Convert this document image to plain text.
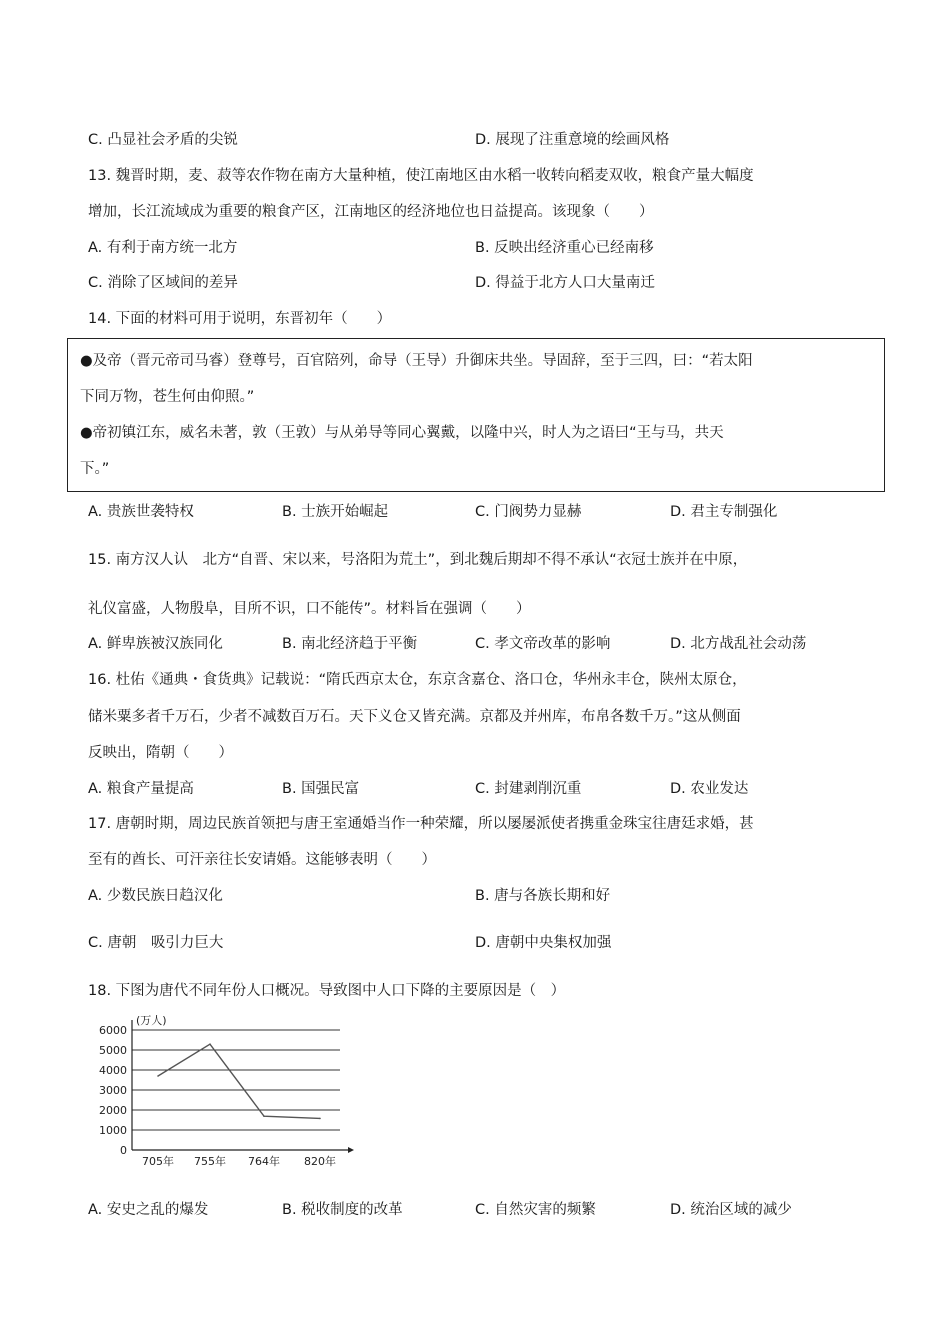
C. 凸显社会矛盾的尖锐	D. 展现了注重意境的绘画风格
13. 魏晋时期，麦、菽等农作物在南方大量种植，使江南地区由水稻一收转向稻麦双收，粮食产量大幅度
增加，长江流域成为重要的粮食产区，江南地区的经济地位也日益提高。该现象（　　）
A. 有利于南方统一北方	B. 反映出经济重心已经南移
C. 消除了区域间的差异	D. 得益于北方人口大量南迁
14. 下面的材料可用于说明，东晋初年（　　）
●及帝（晋元帝司马睿）登尊号，百官陪列，命导（王导）升御床共坐。导固辞，至于三四，曰：“若太阳
下同万物，苍生何由仰照。”
●帝初镇江东，威名未著，敦（王敦）与从弟导等同心翼戴，以隆中兴，时人为之语曰“王与马，共天
下。”
A. 贵族世袭特权	B. 士族开始崛起	C. 门阀势力显赫	D. 君主专制强化
15. 南方汉人认　北方“自晋、宋以来，号洛阳为荒土”，到北魏后期却不得不承认“衣冠士族并在中原，
礼仪富盛，人物殷阜，目所不识，口不能传”。材料旨在强调（　　）
A. 鲜卑族被汉族同化	B. 南北经济趋于平衡	C. 孝文帝改革的影响	D. 北方战乱社会动荡
16. 杜佑《通典・食货典》记载说：“隋氏西京太仓，东京含嘉仓、洛口仓，华州永丰仓，陕州太原仓，
储米粟多者千万石，少者不减数百万石。天下义仓又皆充满。京都及并州库，布帛各数千万。”这从侧面
反映出，隋朝（　　）
A. 粮食产量提高	B. 国强民富	C. 封建剥削沉重	D. 农业发达
17. 唐朝时期，周边民族首领把与唐王室通婚当作一种荣耀，所以屡屡派使者携重金珠宝往唐廷求婚，甚
至有的酋长、可汗亲往长安请婚。这能够表明（　　）
A. 少数民族日趋汉化	B. 唐与各族长期和好
C. 唐朝　吸引力巨大	D. 唐朝中央集权加强
18. 下图为唐代不同年份人口概况。导致图中人口下降的主要原因是（　）
0
1000
2000
3000
4000
5000
6000
(万人)
705年 755年 764年 820年
A. 安史之乱的爆发	B. 税收制度的改革	C. 自然灾害的频繁	D. 统治区域的减少
